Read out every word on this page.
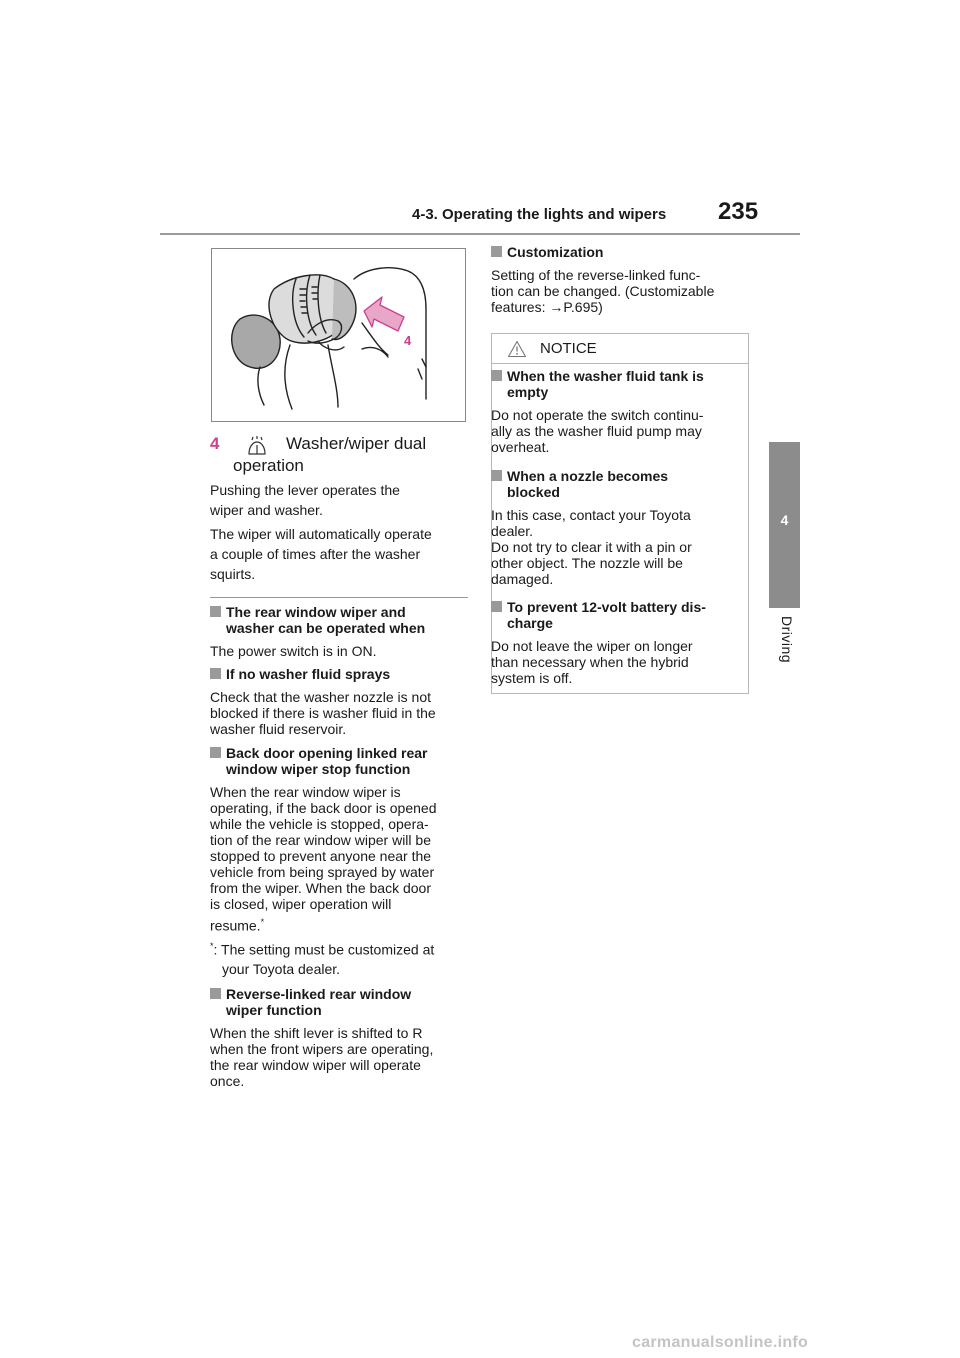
4-3. Operating the lights and wipers 235
4
Driving
4
4	Washer/wiper dual
operation
Pushing the lever operates the
wiper and washer.
The wiper will automatically operate
a couple of times after the washer
squirts.
The rear window wiper and
washer can be operated when
The power switch is in ON.
If no washer fluid sprays
Check that the washer nozzle is not
blocked if there is washer fluid in the
washer fluid reservoir.
Back door opening linked rear
window wiper stop function
When the rear window wiper is
operating, if the back door is opened
while the vehicle is stopped, opera-
tion of the rear window wiper will be
stopped to prevent anyone near the
vehicle from being sprayed by water
from the wiper. When the back door
is closed, wiper operation will
resume.*
*: The setting must be customized at
your Toyota dealer.
Reverse-linked rear window
wiper function
When the shift lever is shifted to R
when the front wipers are operating,
the rear window wiper will operate
once.
Customization
Setting of the reverse-linked func-
tion can be changed. (Customizable
features: →P.695)
NOTICE
When the washer fluid tank is
empty
Do not operate the switch continu-
ally as the washer fluid pump may
overheat.
When a nozzle becomes
blocked
In this case, contact your Toyota
dealer.
Do not try to clear it with a pin or
other object. The nozzle will be
damaged.
To prevent 12-volt battery dis-
charge
Do not leave the wiper on longer
than necessary when the hybrid
system is off.
carmanualsonline.info
